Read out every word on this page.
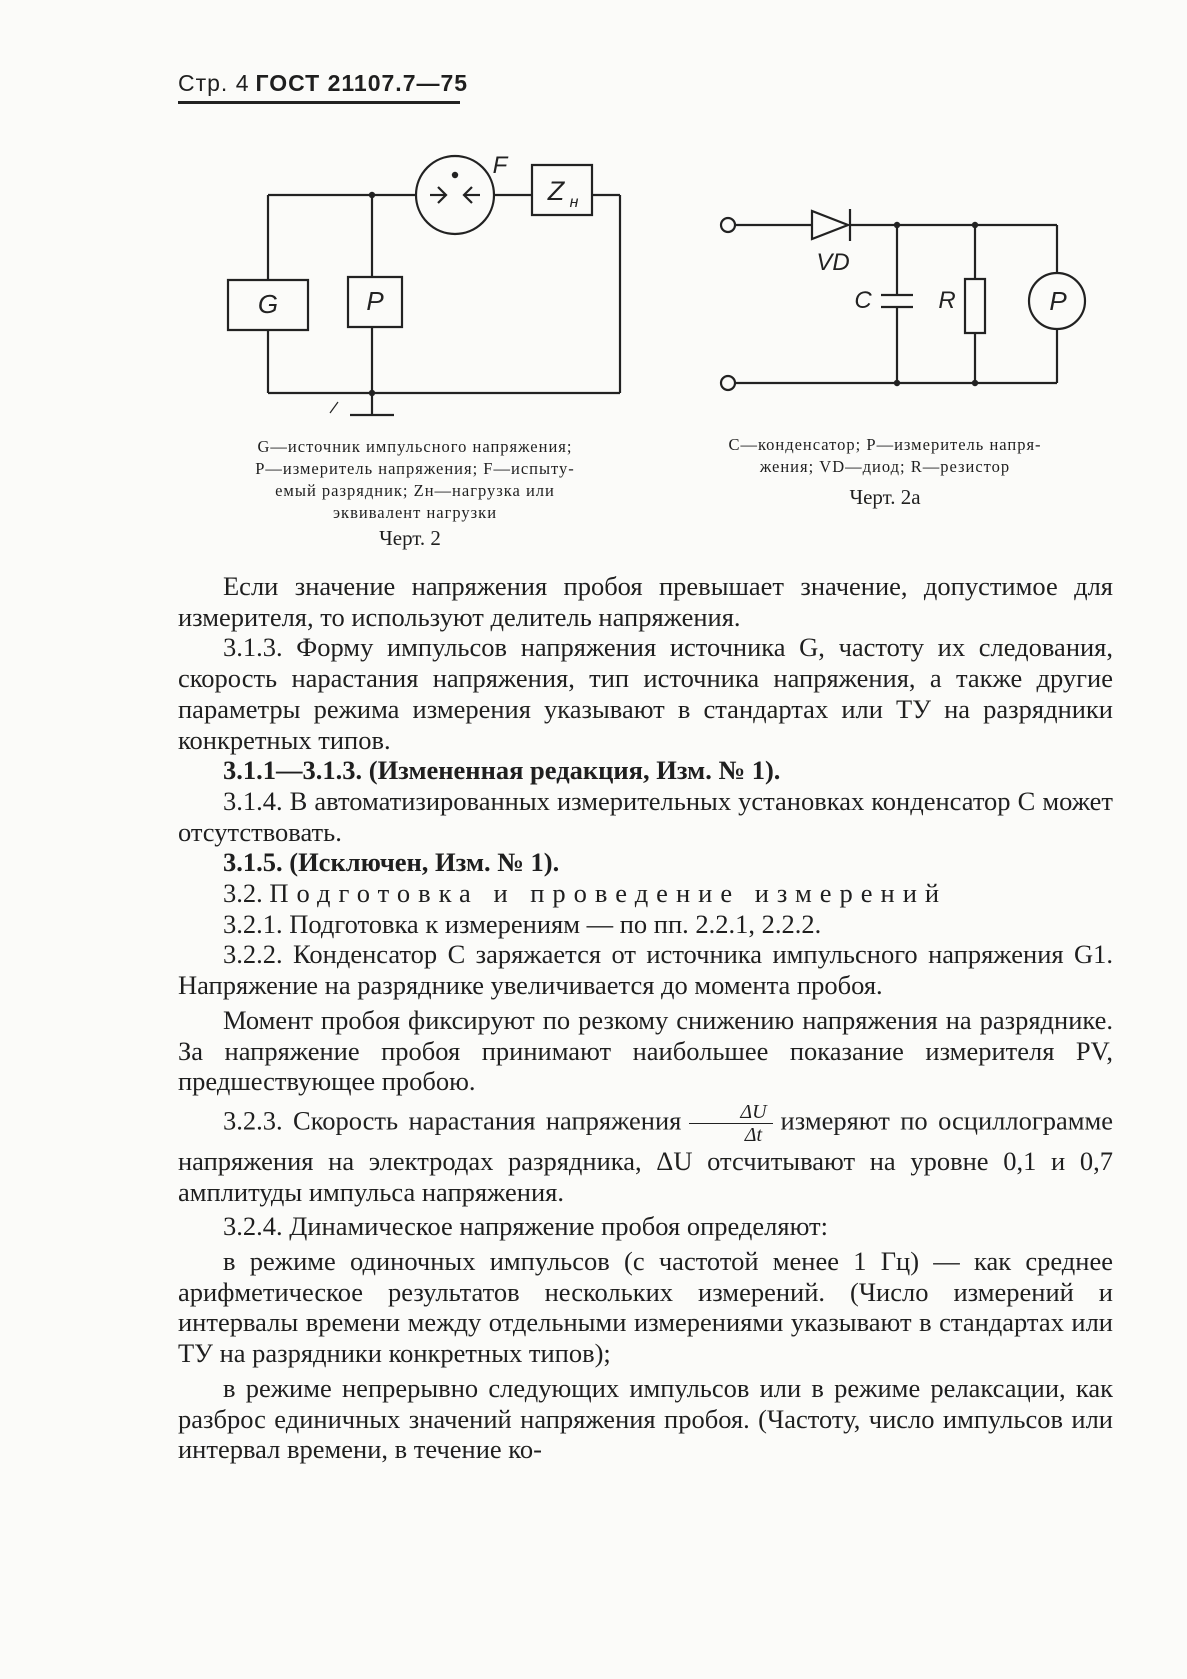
Стр. 4 ГОСТ 21107.7—75
G	P
F
Z н
G—источник импульсного напряжения;
P—измеритель напряжения; F—испыту-
емый разрядник; Zн—нагрузка или
эквивалент нагрузки
Черт. 2
VD
C	R	P
C—конденсатор; P—измеритель напря-
жения; VD—диод; R—резистор
Черт. 2а

Если значение напряжения пробоя превышает значение, допустимое для измерителя, то используют делитель напряжения.

3.1.3. Форму импульсов напряжения источника G, частоту их следования, скорость нарастания напряжения, тип источника напряжения, а также другие параметры режима измерения указывают в стандартах или ТУ на разрядники конкретных типов.

3.1.1—3.1.3. (Измененная редакция, Изм. № 1).

3.1.4. В автоматизированных измерительных установках конденсатор C может отсутствовать.

3.1.5. (Исключен, Изм. № 1).

3.2. Подготовка и проведение измерений

3.2.1. Подготовка к измерениям — по пп. 2.2.1, 2.2.2.

3.2.2. Конденсатор C заряжается от источника импульсного напряжения G1. Напряжение на разряднике увеличивается до момента пробоя.

Момент пробоя фиксируют по резкому снижению напряжения на разряднике. За напряжение пробоя принимают наибольшее показание измерителя PV, предшествующее пробою.

3.2.3. Скорость нарастания напряжения $\frac{\Delta U}{\Delta t}$ измеряют по осциллограмме напряжения на электродах разрядника, ΔU отсчитывают на уровне 0,1 и 0,7 амплитуды импульса напряжения.

3.2.4. Динамическое напряжение пробоя определяют:

в режиме одиночных импульсов (с частотой менее 1 Гц) — как среднее арифметическое результатов нескольких измерений. (Число измерений и интервалы времени между отдельными измерениями указывают в стандартах или ТУ на разрядники конкретных типов);

в режиме непрерывно следующих импульсов или в режиме релаксации, как разброс единичных значений напряжения пробоя. (Частоту, число импульсов или интервал времени, в течение ко-
